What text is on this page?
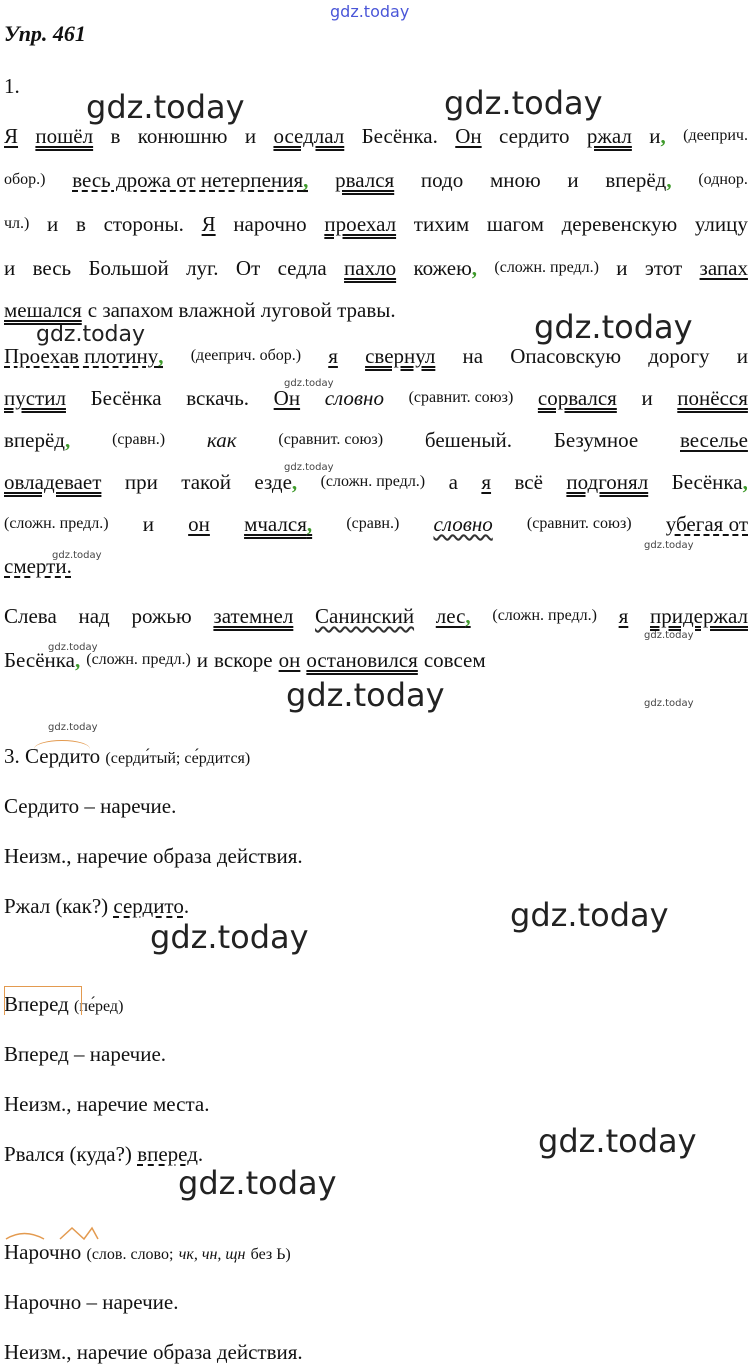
gdz.today
gdz.today	gdz.today
gdz.today	gdz.today
gdz.today
gdz.today
gdz.today
gdz.today
gdz.today
gdz.today
gdz.today
gdz.today
gdz.today
gdz.today
gdz.today
gdz.today
gdz.today
Упр. 461
1.
Я пошёл в конюшню и оседлал Бесёнка. Он сердито ржал и, (дееприч.
обор.) весь дрожа от нетерпения, рвался подо мною и вперёд, (однор.
чл.) и в стороны. Я нарочно проехал тихим шагом деревенскую улицу
и весь Большой луг. От седла пахло кожею, (сложн. предл.) и этот запах
мешался с запахом влажной луговой травы.
Проехав плотину, (дееприч. обор.) я свернул на Опасовскую дорогу и
пустил Бесёнка вскачь. Он словно (сравнит. союз) сорвался и понёсся
вперёд,	(сравн.) как	(сравнит. союз) бешеный. Безумное веселье
овладевает при такой езде, (сложн. предл.) а я всё подгонял Бесёнка,
(сложн. предл.) и он мчался, (сравн.) словно (сравнит. союз) убегая от
смерти.
Слева над рожью затемнел Санинский лес, (сложн. предл.) я придержал
Бесёнка, (сложн. предл.) и вскоре он остановился совсем
3. Сердито (серди́тый; се́рдится)
Сердито – наречие.
Неизм., наречие образа действия.
Ржал (как?) сердито.
Вперед (пе́ред)
Вперед – наречие.
Неизм., наречие места.
Рвался (куда?) вперед.
Нарочно (слов. слово; чк, чн, щн без Ь)
Нарочно – наречие.
Неизм., наречие образа действия.
